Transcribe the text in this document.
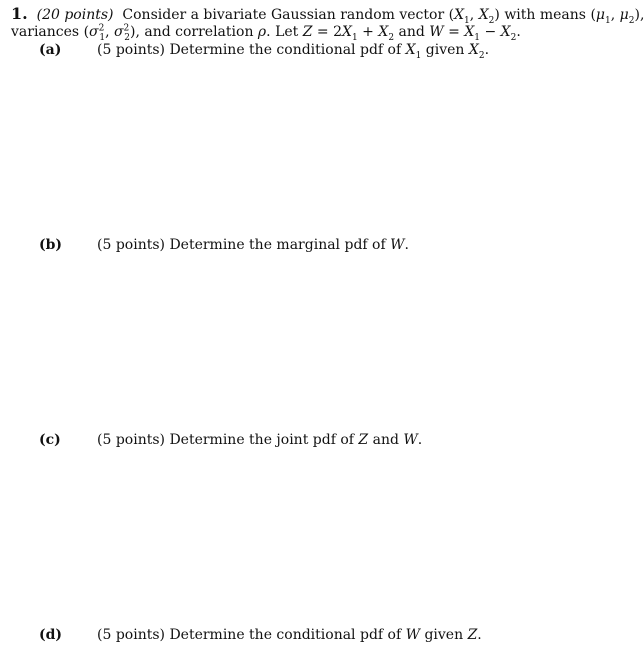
1. (20 points) Consider a bivariate Gaussian random vector ($X_1$, $X_2$) with means ($\mu_1$, $\mu_2$),
variances ($\sigma^2_1$, $\sigma^2_2$), and correlation ρ. Let $Z = 2X_1 + X_2$ and $W = X_1 - X_2$.
(a)	(5 points) Determine the conditional pdf of $X_1$ given $X_2$.
(b) (5 points) Determine the marginal pdf of W.
(c)	(5 points) Determine the joint pdf of Z and W.
(d) (5 points) Determine the conditional pdf of W given Z.
